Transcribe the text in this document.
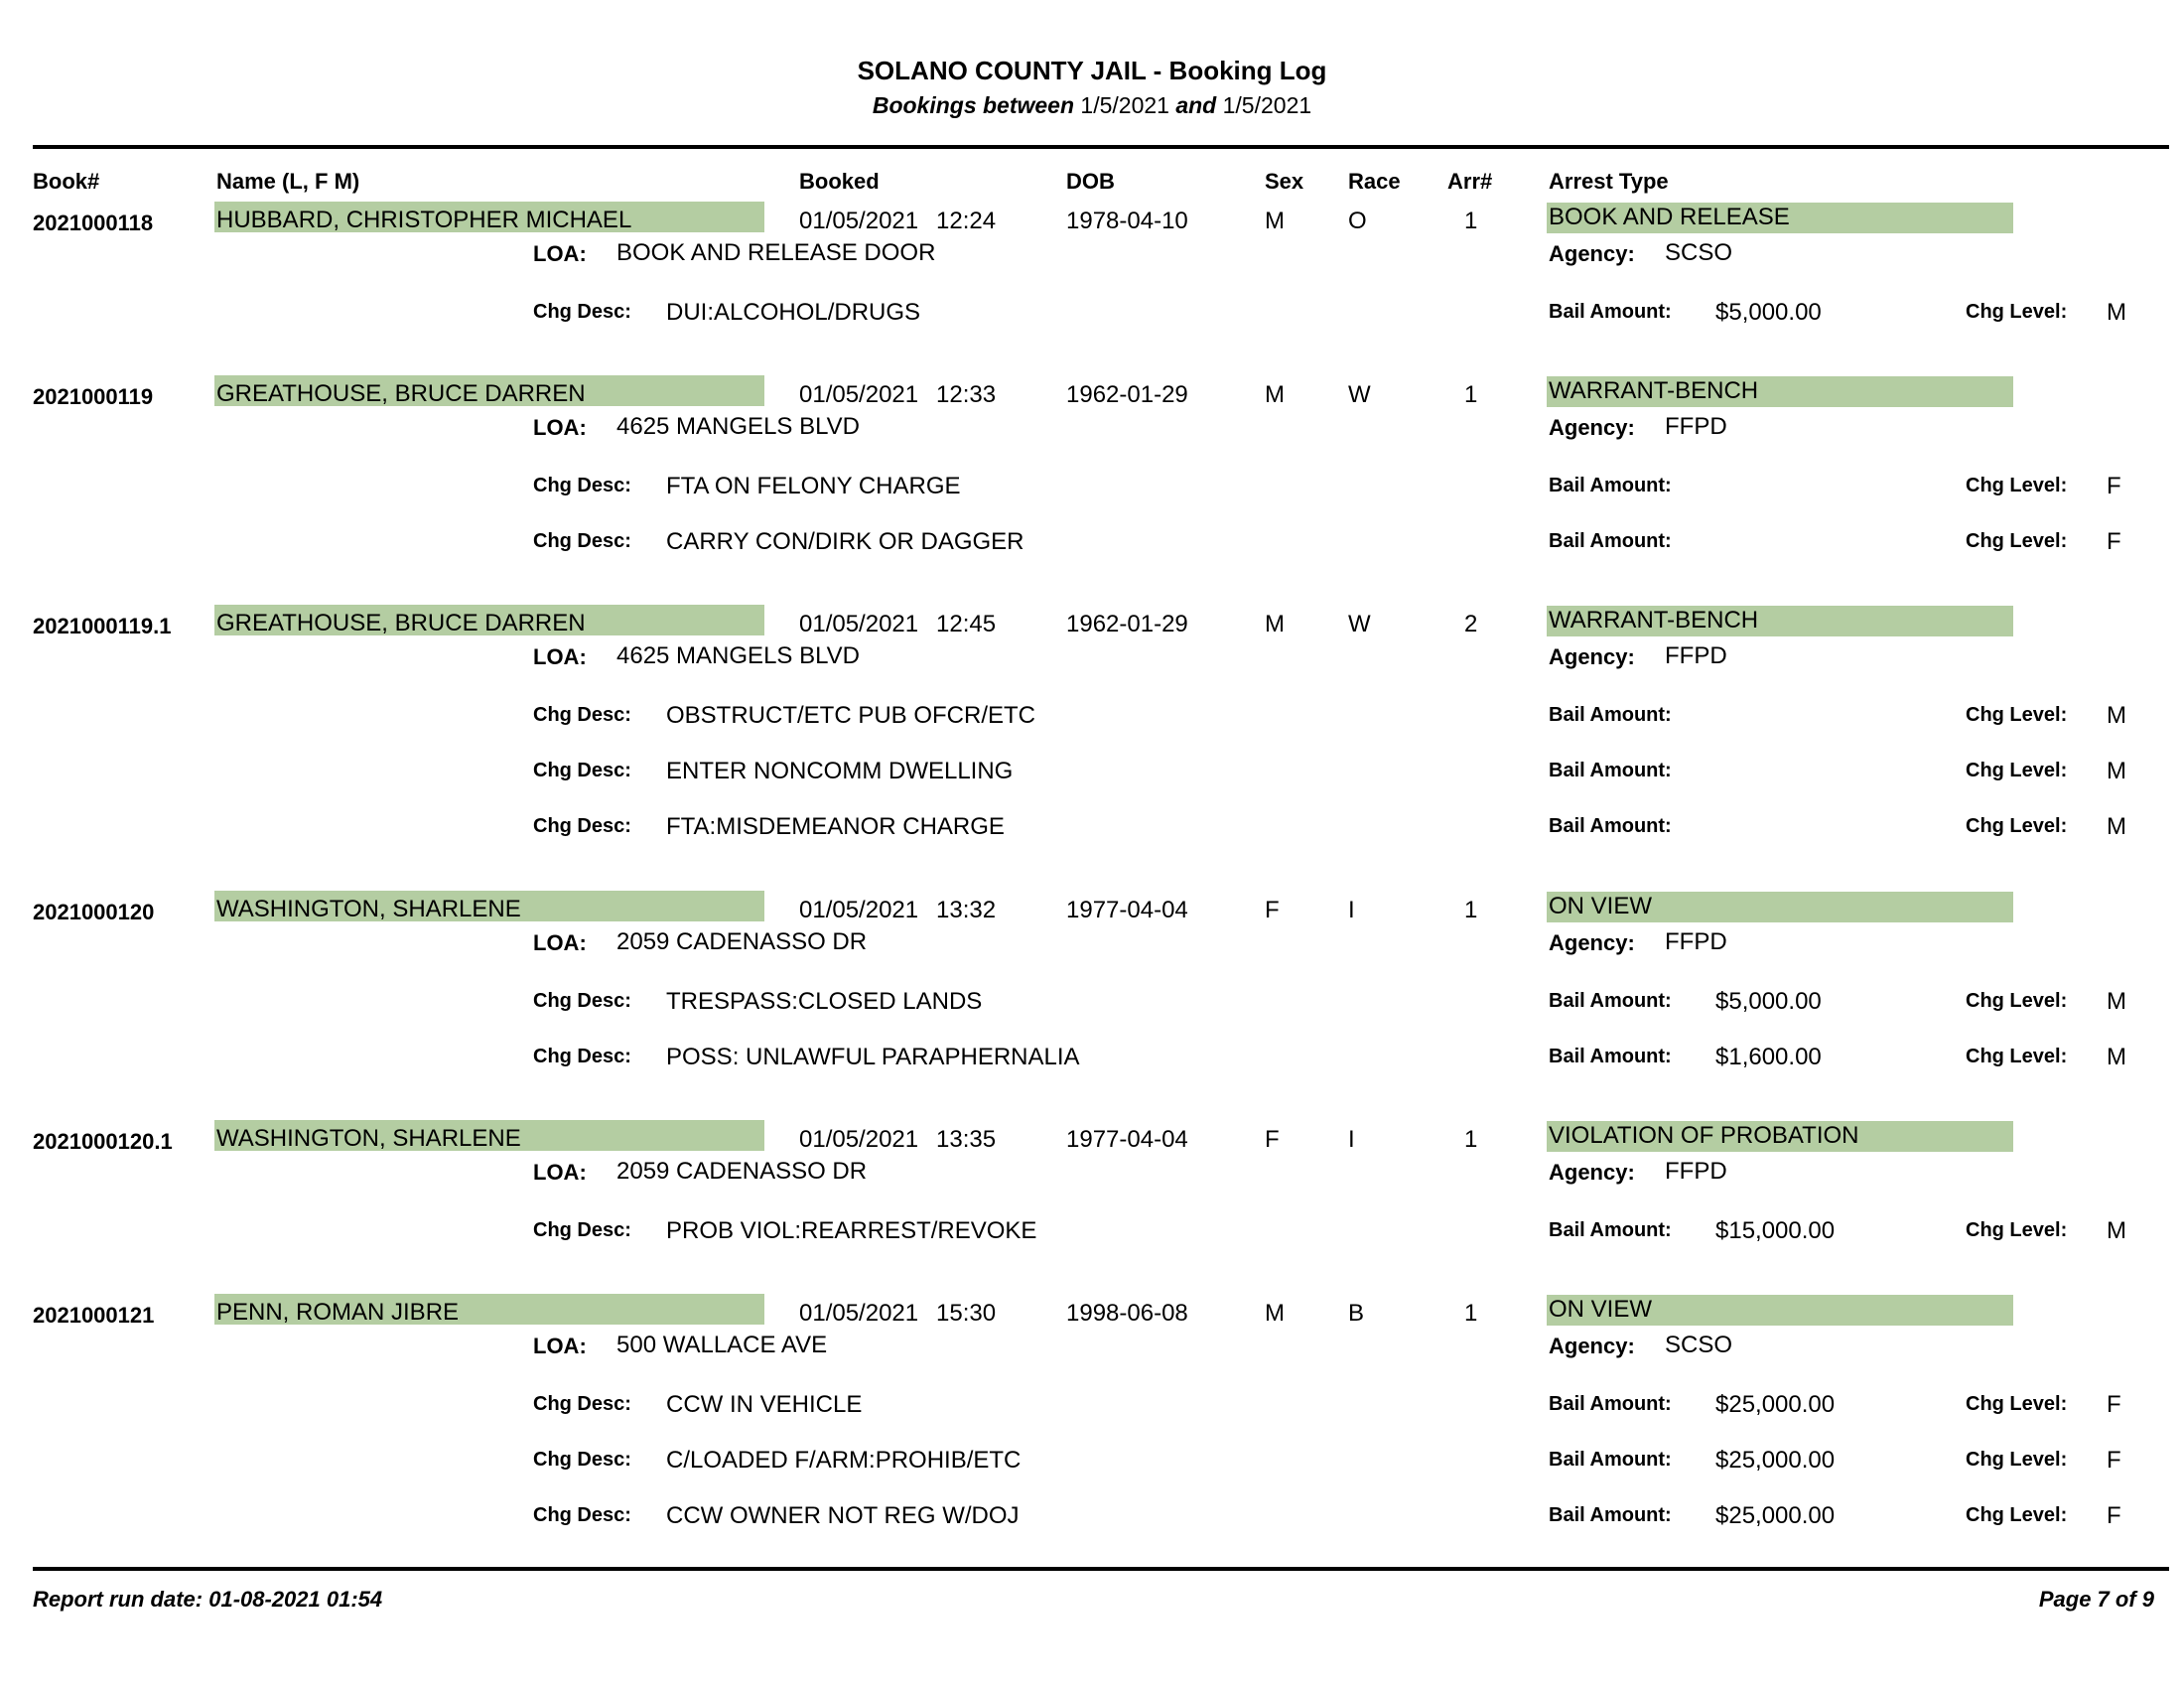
SOLANO COUNTY JAIL - Booking Log
Bookings between 1/5/2021 and 1/5/2021
Book#	Name (L, F M)	Booked	DOB	Sex Race Arr#	Arrest Type
2021000118	HUBBARD, CHRISTOPHER MICHAEL	01/05/2021 12:24	1978-04-10	M	O	1	BOOK AND RELEASE
LOA: BOOK AND RELEASE DOOR	Agency: SCSO
Chg Desc: DUI:ALCOHOL/DRUGS	Bail Amount: $5,000.00	Chg Level: M
2021000119	GREATHOUSE, BRUCE DARREN	01/05/2021 12:33	1962-01-29	M	W	1	WARRANT-BENCH
LOA: 4625 MANGELS BLVD	Agency: FFPD
Chg Desc: FTA ON FELONY CHARGE	Bail Amount:	Chg Level: F
Chg Desc: CARRY CON/DIRK OR DAGGER	Bail Amount:	Chg Level: F
2021000119.1 GREATHOUSE, BRUCE DARREN	01/05/2021 12:45	1962-01-29	M	W	2	WARRANT-BENCH
LOA: 4625 MANGELS BLVD	Agency: FFPD
Chg Desc: OBSTRUCT/ETC PUB OFCR/ETC	Bail Amount:	Chg Level: M
Chg Desc: ENTER NONCOMM DWELLING	Bail Amount:	Chg Level: M
Chg Desc: FTA:MISDEMEANOR CHARGE	Bail Amount:	Chg Level: M
2021000120	WASHINGTON, SHARLENE	01/05/2021 13:32	1977-04-04	F	I	1	ON VIEW
LOA: 2059 CADENASSO DR	Agency: FFPD
Chg Desc: TRESPASS:CLOSED LANDS	Bail Amount: $5,000.00	Chg Level: M
Chg Desc: POSS: UNLAWFUL PARAPHERNALIA	Bail Amount: $1,600.00	Chg Level: M
2021000120.1 WASHINGTON, SHARLENE	01/05/2021 13:35	1977-04-04	F	I	1	VIOLATION OF PROBATION
LOA: 2059 CADENASSO DR	Agency: FFPD
Chg Desc: PROB VIOL:REARREST/REVOKE	Bail Amount: $15,000.00	Chg Level: M
2021000121	PENN, ROMAN JIBRE	01/05/2021 15:30	1998-06-08	M	B	1	ON VIEW
LOA: 500 WALLACE AVE	Agency: SCSO
Chg Desc: CCW IN VEHICLE	Bail Amount: $25,000.00	Chg Level: F
Chg Desc: C/LOADED F/ARM:PROHIB/ETC	Bail Amount: $25,000.00	Chg Level: F
Chg Desc: CCW OWNER NOT REG W/DOJ	Bail Amount: $25,000.00	Chg Level: F
Report run date: 01-08-2021 01:54	Page 7 of 9
